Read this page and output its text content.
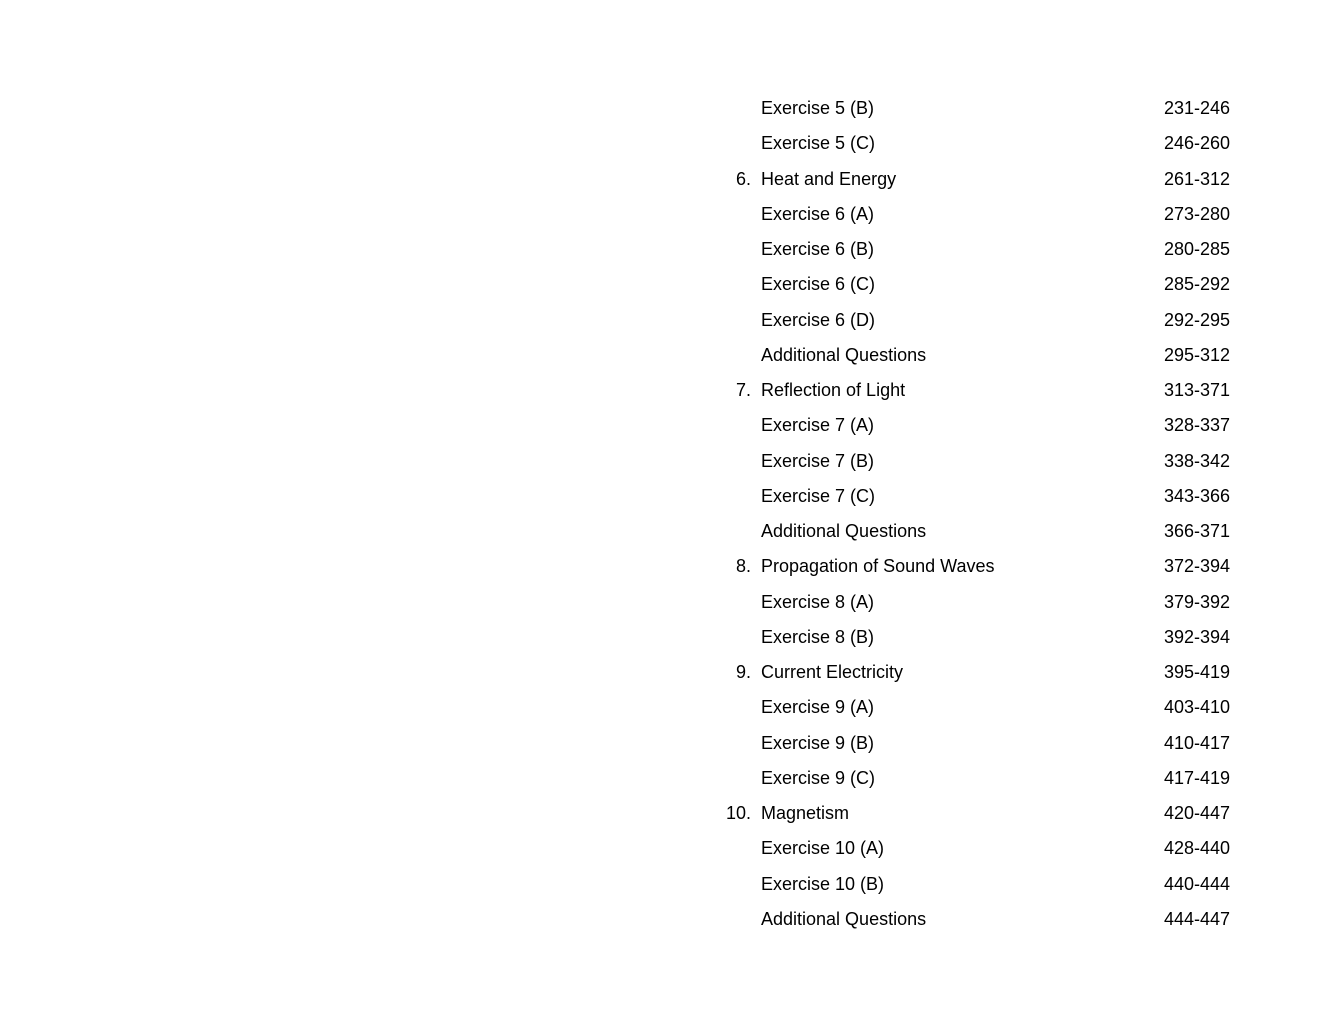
Exercise 5 (B)	231-246
Exercise 5 (C)	246-260
6. Heat and Energy	261-312
Exercise 6 (A)	273-280
Exercise 6 (B)	280-285
Exercise 6 (C)	285-292
Exercise 6 (D)	292-295
Additional Questions	295-312
7. Reflection of Light	313-371
Exercise 7 (A)	328-337
Exercise 7 (B)	338-342
Exercise 7 (C)	343-366
Additional Questions	366-371
8. Propagation of Sound Waves	372-394
Exercise 8 (A)	379-392
Exercise 8 (B)	392-394
9. Current Electricity	395-419
Exercise 9 (A)	403-410
Exercise 9 (B)	410-417
Exercise 9 (C)	417-419
10. Magnetism	420-447
Exercise 10 (A)	428-440
Exercise 10 (B)	440-444
Additional Questions	444-447
